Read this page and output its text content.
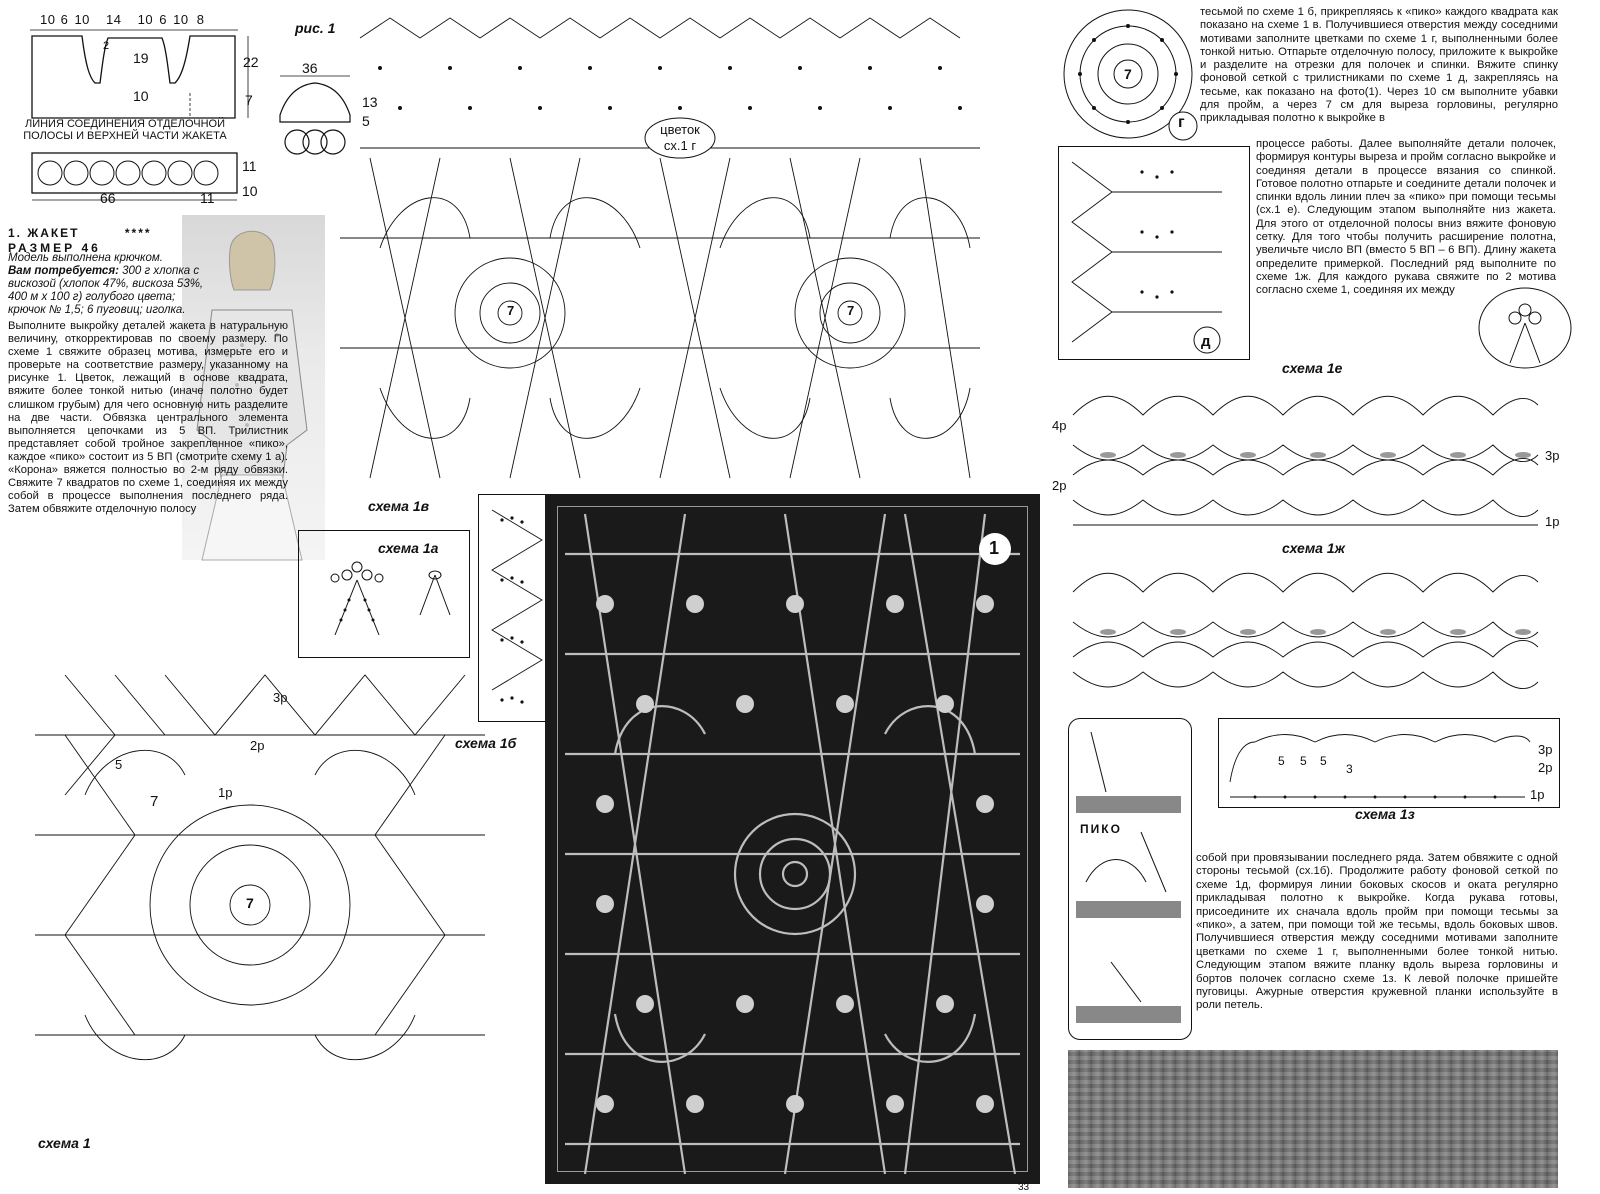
10 6 10 14 10 6 10 8
22
7
19
10
2
ЛИНИЯ СОЕДИНЕНИЯ ОТДЕЛОЧНОЙ
ПОЛОСЫ И ВЕРХНЕЙ ЧАСТИ ЖАКЕТА
66	11
11
10
рис. 1
36
13
5
1. ЖАКЕТ	****
РАЗМЕР 46
Модель выполнена крючком.
Вам потребуется: 300 г хлопка с вискозой (хлопок 47%, вискоза 53%, 400 м х 100 г) голубого цвета; крючок № 1,5; 6 пуговиц; иголка.
Выполните выкройку деталей жакета в натуральную величину, откорректировав по своему размеру. По схеме 1 свяжите образец мотива, измерьте его и проверьте на соответствие размеру, указанному на рисунке 1. Цветок, лежащий в основе квадрата, вяжите более тонкой нитью (иначе полотно будет слишком грубым) для чего основную нить разделите на две части. Обвязка центрального элемента выполняется цепочками из 5 ВП. Трилистник представляет собой тройное закрепленное «пико», каждое «пико» состоит из 5 ВП (смотрите схему 1 а). «Корона» вяжется полностью во 2-м ряду обвязки. Свяжите 7 квадратов по схеме 1, соединяя их между собой в процессе выполнения последнего ряда. Затем обвяжите отделочную полосу
цветок
сх.1 г
7	7
схема 1в
схема 1а
3р
2р
1р
7
7
5
схема 1б
схема 1
1
7
г
тесьмой по схеме 1 б, прикрепляясь к «пико» каждого квадрата как показано на схеме 1 в. Получившиеся отверстия между соседними мотивами заполните цветками по схеме 1 г, выполненными более тонкой нитью. Отпарьте отделочную полосу, приложите к выкройке и разделите на отрезки для полочек и спинки. Вяжите спинку фоновой сеткой с трилистниками по схеме 1 д, закрепляясь на тесьме, как показано на фото(1). Через 10 см выполните убавки для пройм, а через 7 см для выреза горловины, регулярно прикладывая полотно к выкройке в
д
процессе работы. Далее выполняйте детали полочек, формируя контуры выреза и пройм согласно выкройке и соединяя детали в процессе вязания со спинкой. Готовое полотно отпарьте и соедините детали полочек и спинки вдоль линии плеч за «пико» при помощи тесьмы (сх.1 е). Следующим этапом выполняйте низ жакета. Для этого от отделочной полосы вниз вяжите фоновую сетку. Для того чтобы получить расширение полотна, увеличьте число ВП (вместо 5 ВП – 6 ВП). Длину жакета определите примеркой. Последний ряд выполните по схеме 1ж. Для каждого рукава свяжите по 2 мотива согласно схеме 1, соединяя их между
схема 1е
4р
2р
3р
1р
схема 1ж
ПИКО
5 5 5
3
3р
2р
1р
схема 1з
собой при провязывании последнего ряда. Затем обвяжите с одной стороны тесьмой (сх.1б). Продолжите работу фоновой сеткой по схеме 1д, формируя линии боковых скосов и оката регулярно прикладывая полотно к выкройке. Когда рукава готовы, присоедините их сначала вдоль пройм при помощи тесьмы за «пико», а затем, при помощи той же тесьмы, вдоль боковых швов. Получившиеся отверстия между соседними мотивами заполните цветками по схеме 1 г, выполненными более тонкой нитью. Следующим этапом вяжите планку вдоль выреза горловины и бортов полочек согласно схеме 1з. К левой полочке пришейте пуговицы. Ажурные отверстия кружевной планки используйте в роли петель.
33
